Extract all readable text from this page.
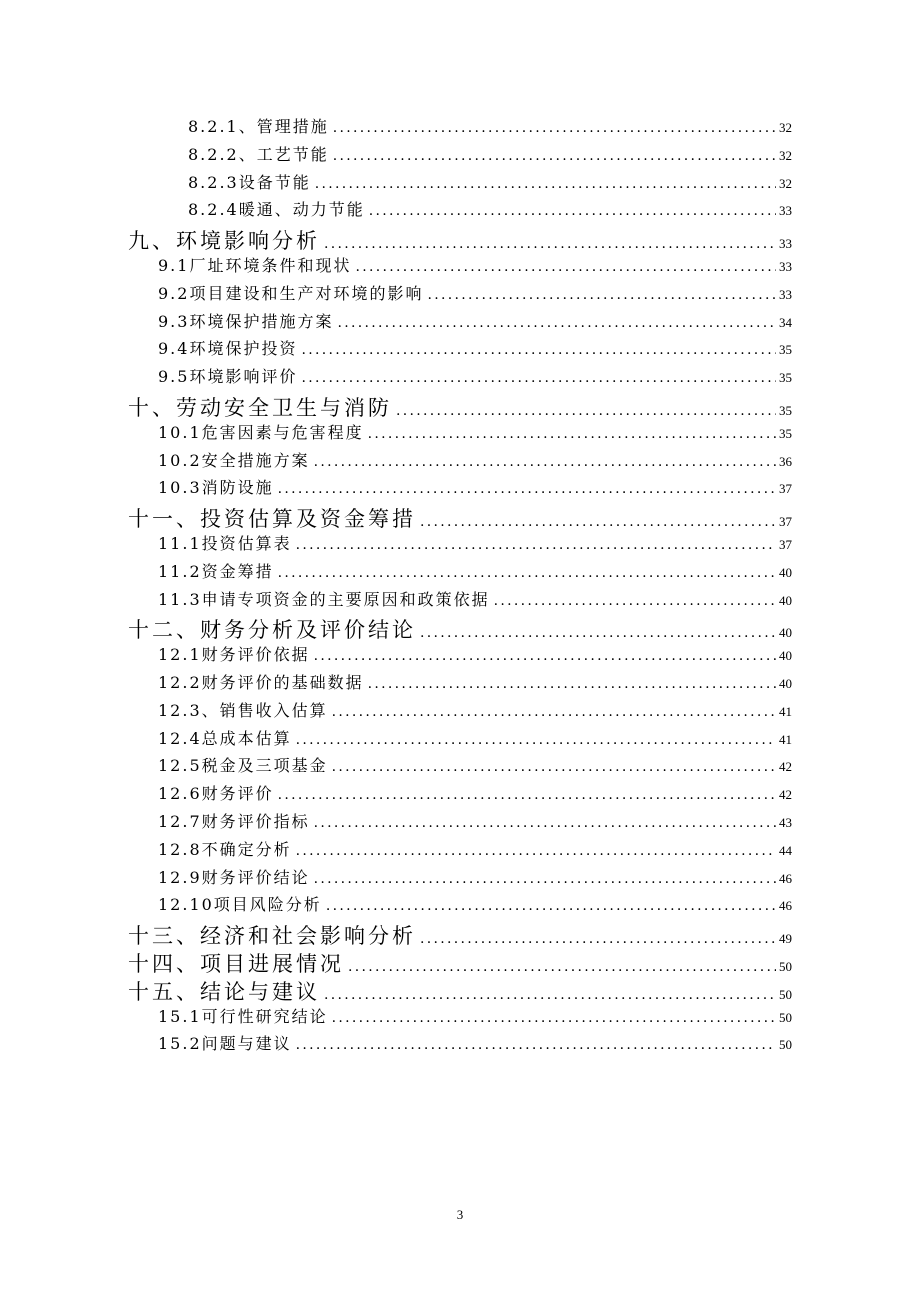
8.2.1、管理措施 .....	32
8.2.2、工艺节能 .....	32
8.2.3设备节能 .....	32
8.2.4暖通、动力节能 .....	33
九、环境影响分析 .....	33
9.1厂址环境条件和现状 .....	33
9.2项目建设和生产对环境的影响 .....	33
9.3环境保护措施方案 .....	34
9.4环境保护投资 .....	35
9.5环境影响评价 .....	35
十、劳动安全卫生与消防 .....	35
10.1危害因素与危害程度 .....	35
10.2安全措施方案 .....	36
10.3消防设施 .....	37
十一、投资估算及资金筹措 .....	37
11.1投资估算表 .....	37
11.2资金筹措 .....	40
11.3申请专项资金的主要原因和政策依据 .....	40
十二、财务分析及评价结论 .....	40
12.1财务评价依据 .....	40
12.2财务评价的基础数据 .....	40
12.3、销售收入估算 .....	41
12.4总成本估算 .....	41
12.5税金及三项基金 .....	42
12.6财务评价 .....	42
12.7财务评价指标 .....	43
12.8不确定分析 .....	44
12.9财务评价结论 .....	46
12.10项目风险分析 .....	46
十三、经济和社会影响分析 .....	49
十四、项目进展情况 .....	50
十五、结论与建议 .....	50
15.1可行性研究结论 .....	50
15.2问题与建议 .....	50
3
